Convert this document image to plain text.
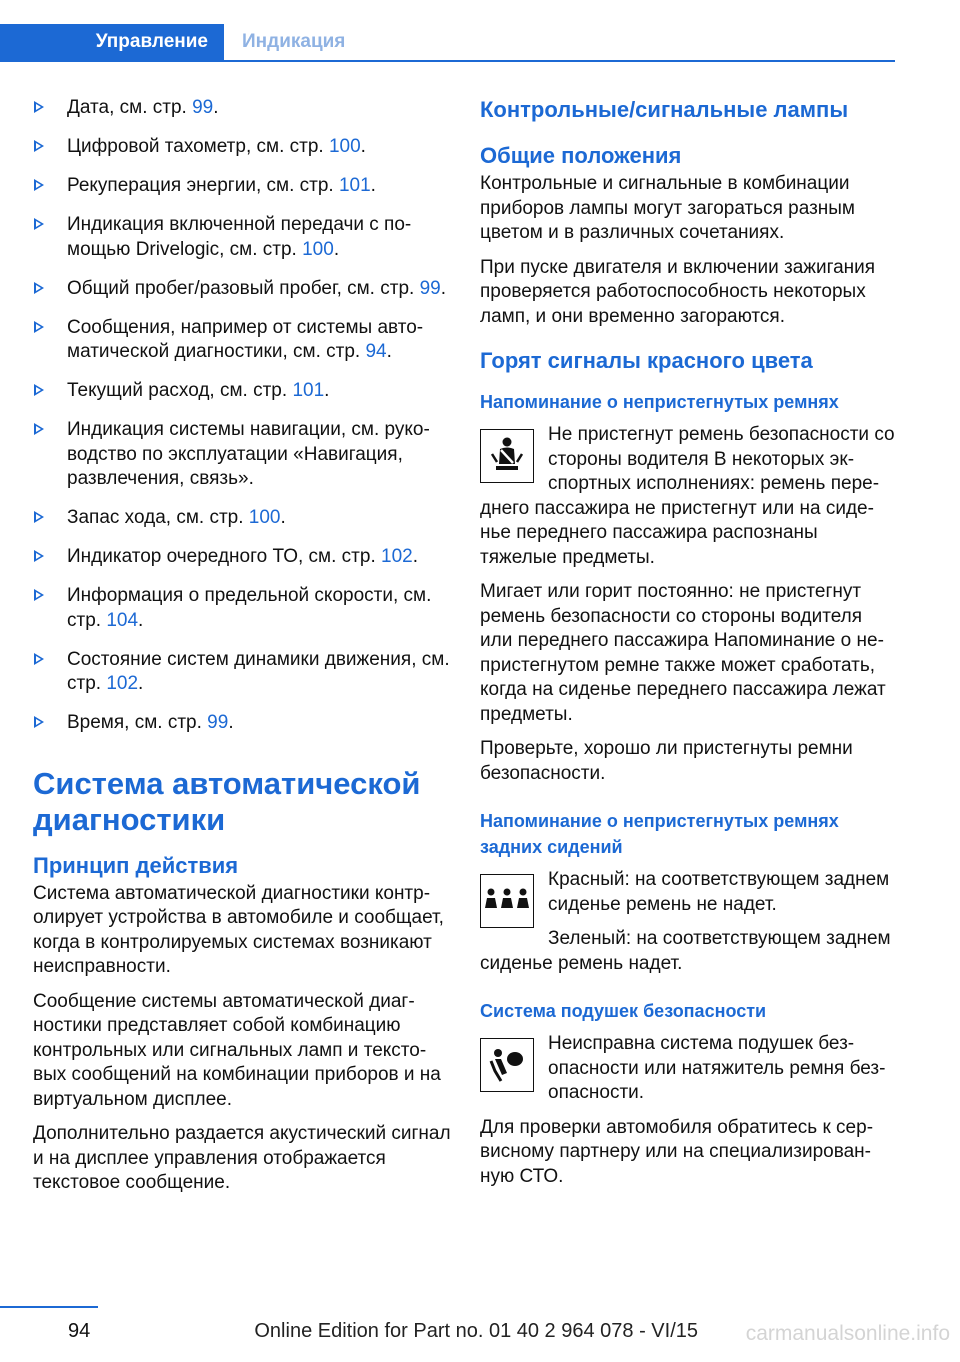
Управление	Индикация
Дата, см. стр. 99.
Цифровой тахометр, см. стр. 100.
Рекуперация энергии, см. стр. 101.
Индикация включенной передачи с помощью Drivelogic, см. стр. 100.
Общий пробег/разовый пробег, см. стр. 99.
Сообщения, например от системы автоматической диагностики, см. стр. 94.
Текущий расход, см. стр. 101.
Индикация системы навигации, см. руководство по эксплуатации «Навигация, развлечения, связь».
Запас хода, см. стр. 100.
Индикатор очередного ТО, см. стр. 102.
Информация о предельной скорости, см. стр. 104.
Состояние систем динамики движения, см. стр. 102.
Время, см. стр. 99.
Система автоматической диагностики
Принцип действия

Система автоматической диагностики контролирует устройства в автомобиле и сообщает, когда в контролируемых системах возникают неисправности.

Сообщение системы автоматической диагностики представляет собой комбинацию контрольных или сигнальных ламп и текстовых сообщений на комбинации приборов и на виртуальном дисплее.

Дополнительно раздается акустический сигнал и на дисплее управления отображается текстовое сообщение.

Контрольные/сигнальные лампы
Общие положения

Контрольные и сигнальные в комбинации приборов лампы могут загораться разным цветом и в различных сочетаниях.

При пуске двигателя и включении зажигания проверяется работоспособность некоторых ламп, и они временно загораются.

Горят сигналы красного цвета
Напоминание о непристегнутых ремнях

Не пристегнут ремень безопасности со стороны водителя В некоторых экспортных исполнениях: ремень переднего пассажира не пристегнут или на сиденье переднего пассажира распознаны тяжелые предметы.

Мигает или горит постоянно: не пристегнут ремень безопасности со стороны водителя или переднего пассажира Напоминание о непристегнутом ремне также может сработать, когда на сиденье переднего пассажира лежат предметы.

Проверьте, хорошо ли пристегнуты ремни безопасности.

Напоминание о непристегнутых ремнях задних сидений

Красный: на соответствующем заднем сиденье ремень не надет.

Зеленый: на соответствующем заднем сиденье ремень надет.

Система подушек безопасности

Неисправна система подушек безопасности или натяжитель ремня безопасности.

Для проверки автомобиля обратитесь к сервисному партнеру или на специализированную СТО.

94	Online Edition for Part no. 01 40 2 964 078 - VI/15 carmanualsonline.info
